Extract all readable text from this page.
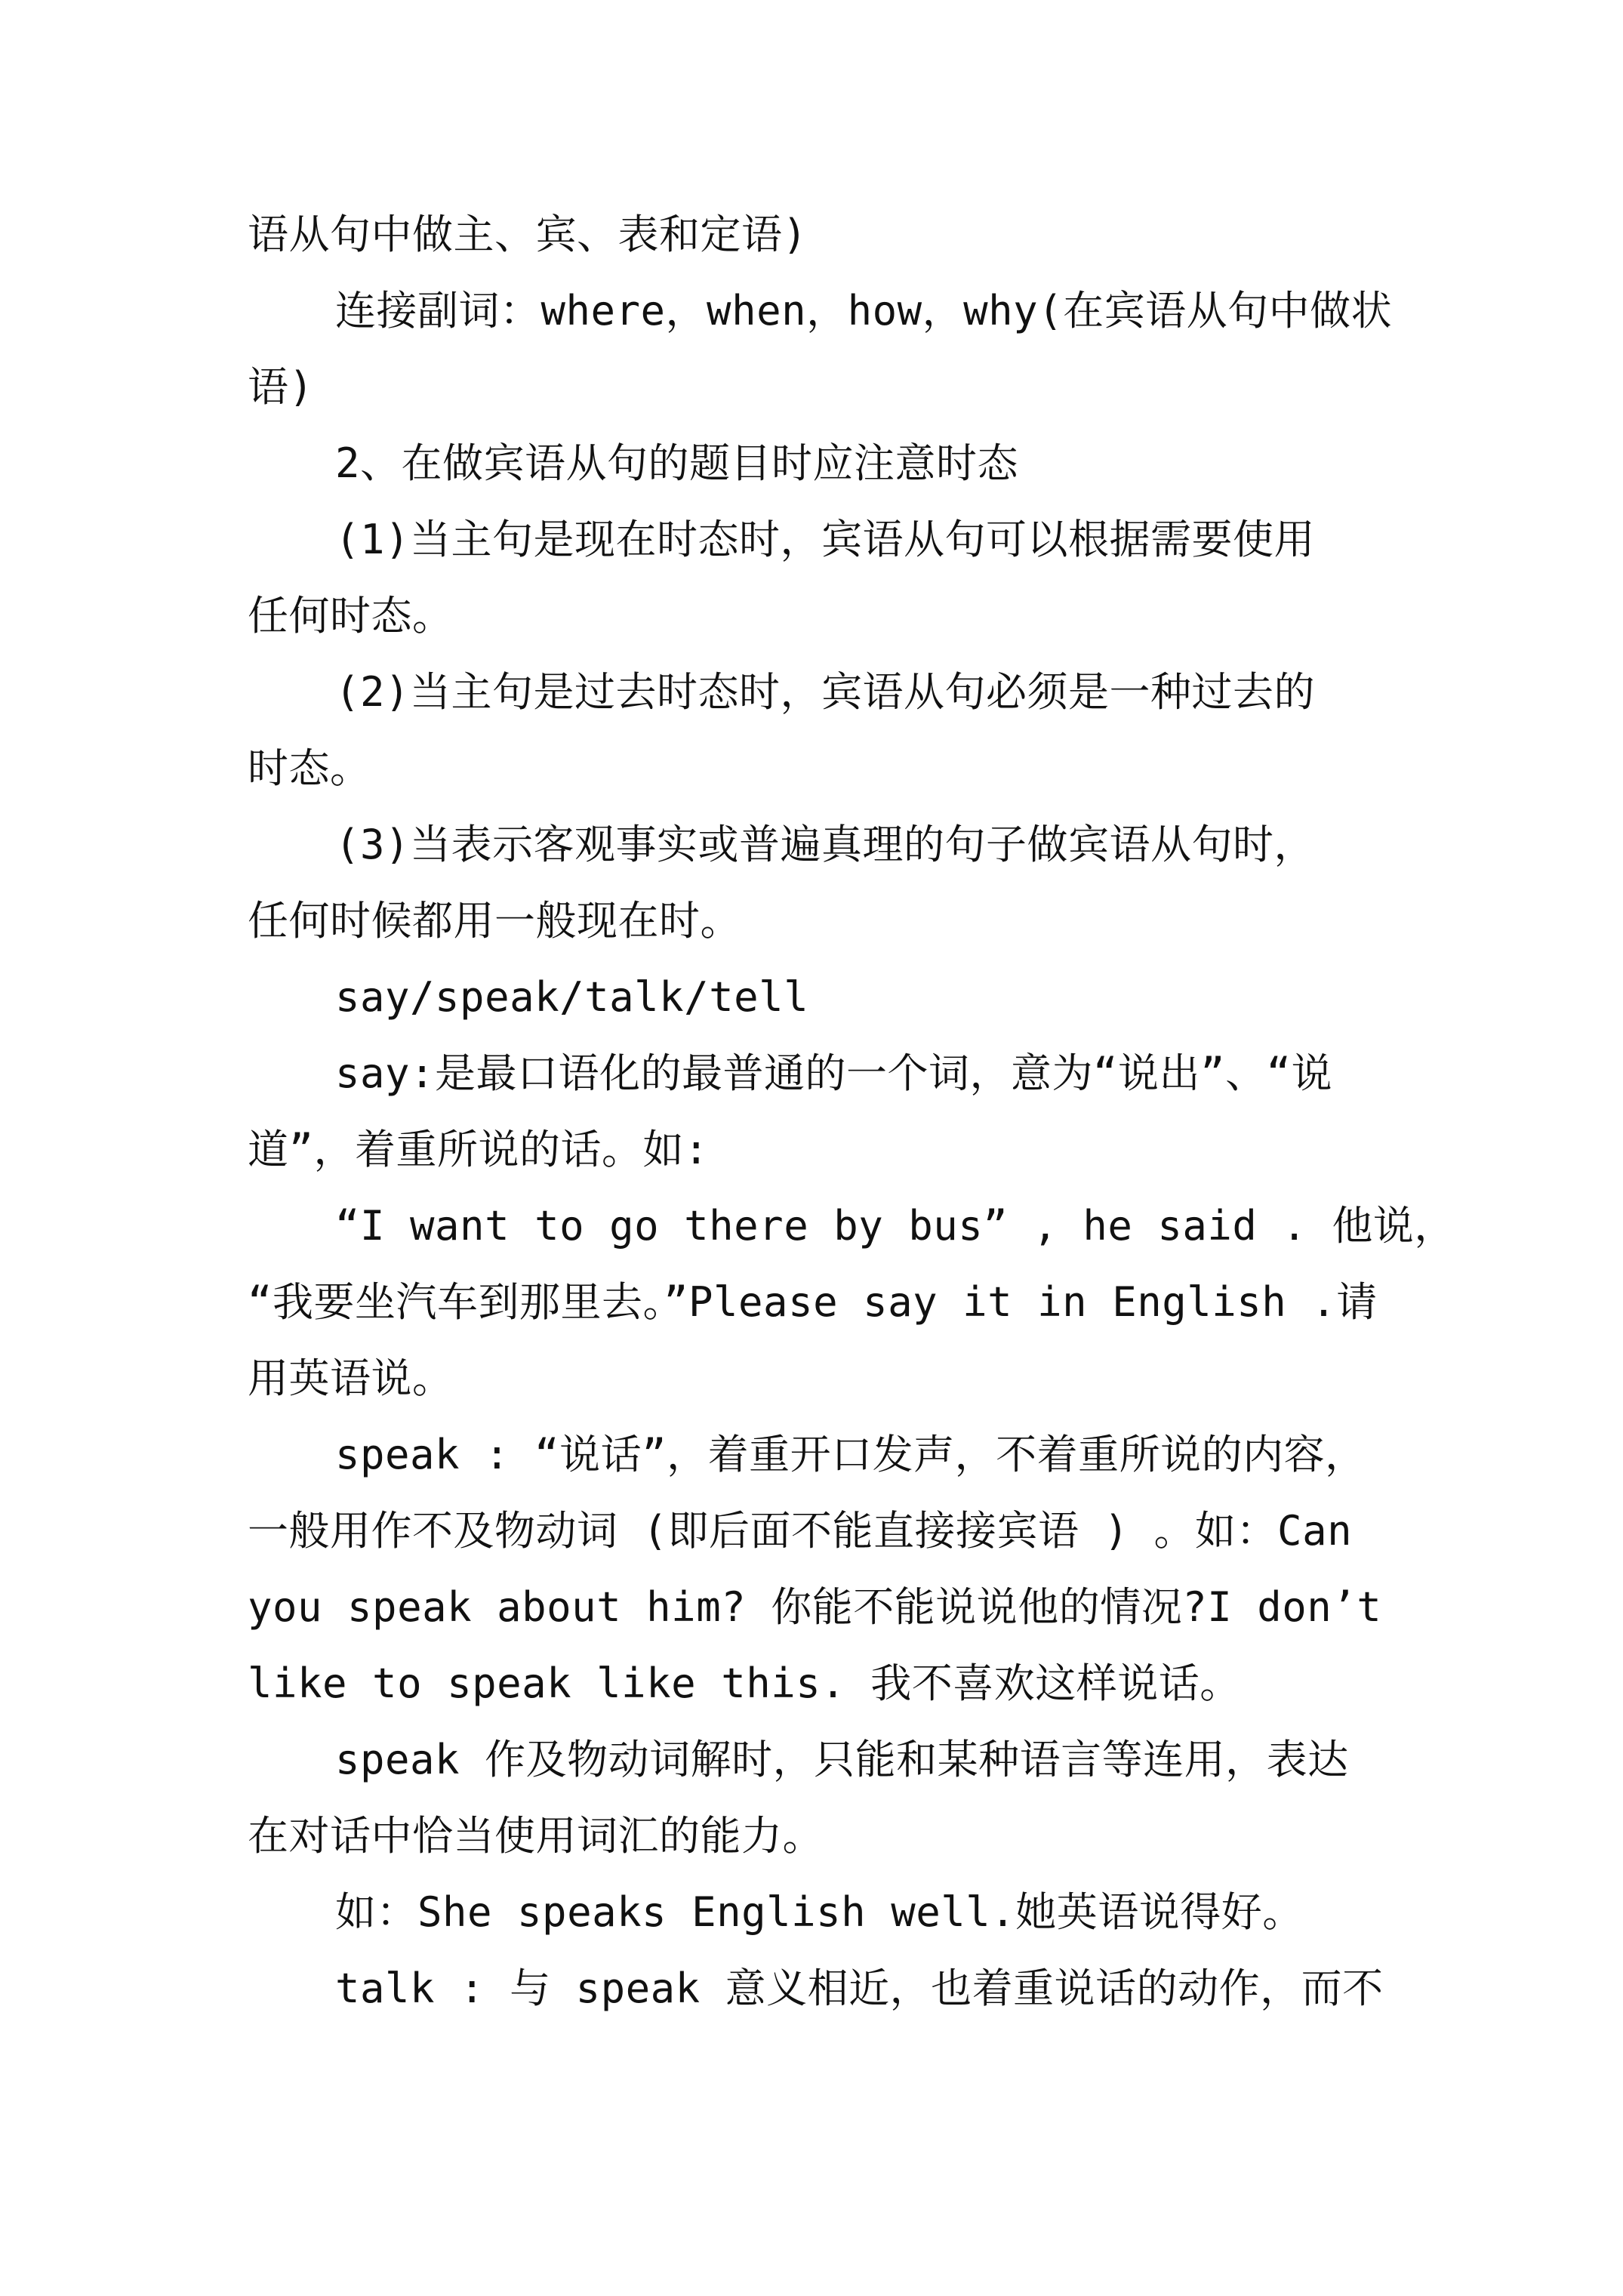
语从句中做主、宾、表和定语)
连接副词：where，when，how，why(在宾语从句中做状
语)
2、在做宾语从句的题目时应注意时态
(1)当主句是现在时态时，宾语从句可以根据需要使用
任何时态。
(2)当主句是过去时态时，宾语从句必须是一种过去的
时态。
(3)当表示客观事实或普遍真理的句子做宾语从句时，
任何时候都用一般现在时。
say/speak/talk/tell
say:是最口语化的最普通的一个词，意为“说出”、“说
道”，着重所说的话。如:
“I want to go there by bus” , he said . 他说，
“我要坐汽车到那里去。”Please say it in English .请
用英语说。
speak : “说话”，着重开口发声，不着重所说的内容，
一般用作不及物动词 (即后面不能直接接宾语 ) 。如：Can
you speak about him? 你能不能说说他的情况?I don’t
like to speak like this. 我不喜欢这样说话。
speak 作及物动词解时，只能和某种语言等连用，表达
在对话中恰当使用词汇的能力。
如：She speaks English well.她英语说得好。
talk : 与 speak 意义相近，也着重说话的动作，而不
